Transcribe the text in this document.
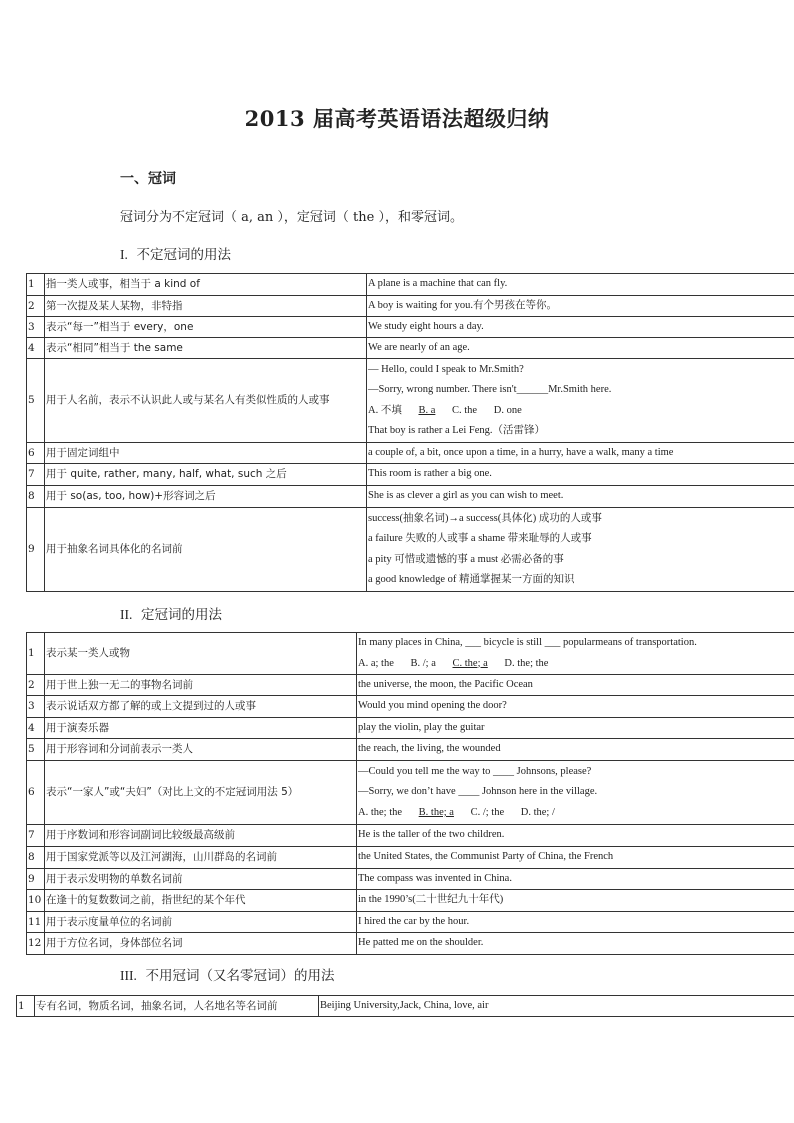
2013 届高考英语语法超级归纳
一、冠词
冠词分为不定冠词（ a, an ），定冠词（ the ），和零冠词。
I. 不定冠词的用法
1	指一类人或事，相当于 a kind of	A plane is a machine that can fly.
2	第一次提及某人某物，非特指	A boy is waiting for you.有个男孩在等你。
3	表示“每一”相当于 every，one	We study eight hours a day.
4	表示“相同”相当于 the same	We are nearly of an age.
5	用于人名前，表示不认识此人或与某名人有类似性质的人或事	— Hello, could I speak to Mr.Smith?
—Sorry, wrong number. There isn't______Mr.Smith here.
A. 不填 B. a C. the D. one
That boy is rather a Lei Feng.（活雷锋）

6	用于固定词组中	a couple of, a bit, once upon a time, in a hurry, have a walk, many a time
7	用于 quite, rather, many, half, what, such 之后	This room is rather a big one.
8	用于 so(as, too, how)+形容词之后	She is as clever a girl as you can wish to meet.
9	用于抽象名词具体化的名词前	success(抽象名词)→a success(具体化) 成功的人或事
a failure 失败的人或事 a shame 带来耻辱的人或事
a pity 可惜或遗憾的事 a must 必需必备的事
a good knowledge of 精通掌握某一方面的知识
II. 定冠词的用法
1	表示某一类人或物	In many places in China, ___ bicycle is still ___ popularmeans of transportation.
A. a; the B. /; a C. the; a D. the; the

2	用于世上独一无二的事物名词前	the universe, the moon, the Pacific Ocean
3	表示说话双方都了解的或上文提到过的人或事	Would you mind opening the door?
4	用于演奏乐器	play the violin, play the guitar
5	用于形容词和分词前表示一类人	the reach, the living, the wounded
6	表示“一家人”或“夫妇”（对比上文的不定冠词用法 5）	—Could you tell me the way to ____ Johnsons, please?
—Sorry, we don’t have ____ Johnson here in the village.
A. the; the B. the; a C. /; the D. the; /

7	用于序数词和形容词副词比较级最高级前	He is the taller of the two children.
8	用于国家党派等以及江河湖海，山川群岛的名词前	the United States, the Communist Party of China, the French
9	用于表示发明物的单数名词前	The compass was invented in China.
10	在逢十的复数数词之前，指世纪的某个年代	in the 1990’s(二十世纪九十年代)
11	用于表示度量单位的名词前	I hired the car by the hour.
12	用于方位名词，身体部位名词	He patted me on the shoulder.
III. 不用冠词（又名零冠词）的用法
1	专有名词，物质名词，抽象名词，人名地名等名词前	Beijing University,Jack, China, love, air
